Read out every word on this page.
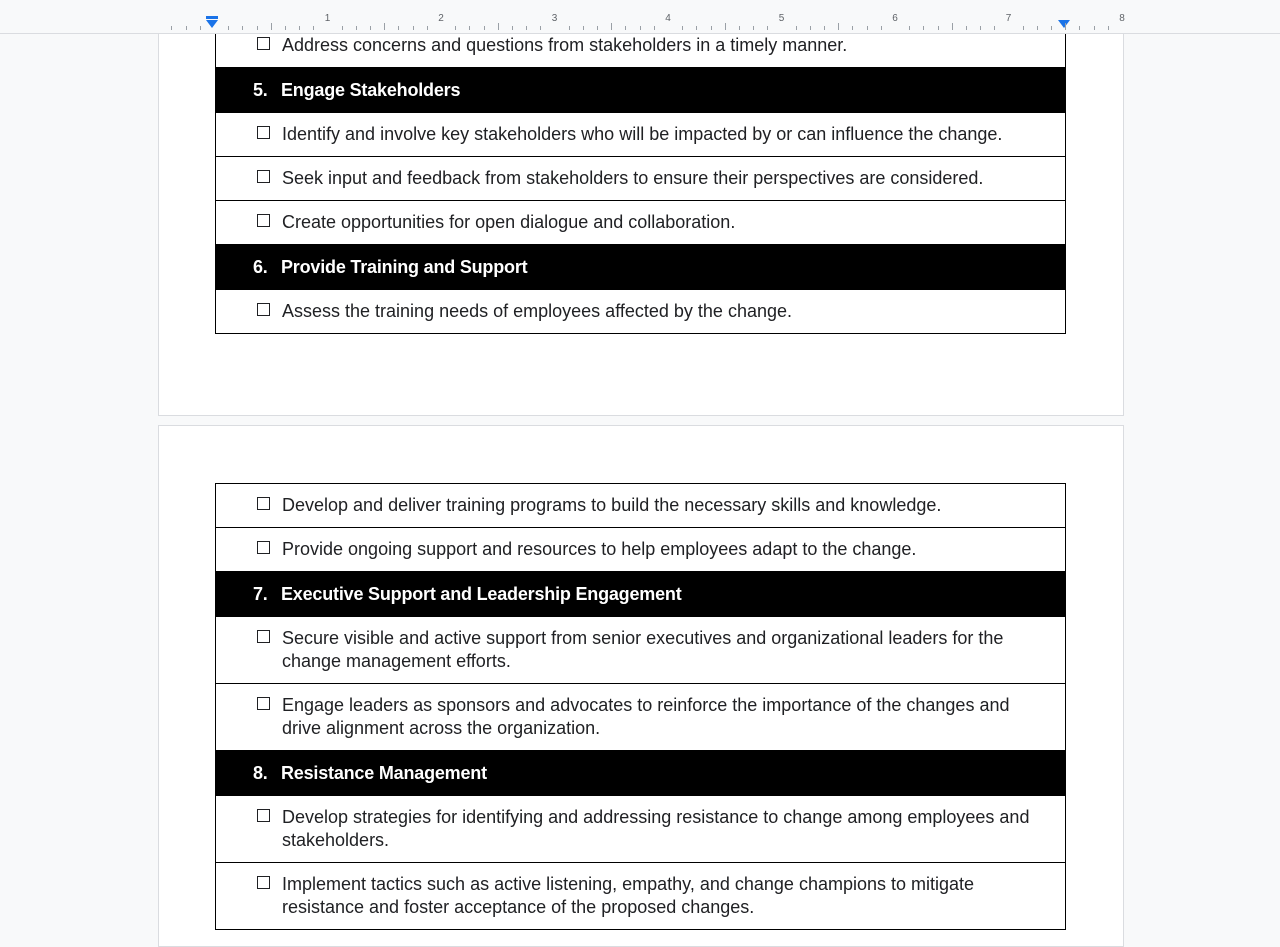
1	2	3	4	5	6	7	8
Address concerns and questions from stakeholders in a timely manner.

5. Engage Stakeholders

Identify and involve key stakeholders who will be impacted by or can influence the change.

Seek input and feedback from stakeholders to ensure their perspectives are considered.

Create opportunities for open dialogue and collaboration.

6. Provide Training and Support

Assess the training needs of employees affected by the change.
Develop and deliver training programs to build the necessary skills and knowledge.

Provide ongoing support and resources to help employees adapt to the change.

7. Executive Support and Leadership Engagement

Secure visible and active support from senior executives and organizational leaders for the change management efforts.

Engage leaders as sponsors and advocates to reinforce the importance of the changes and drive alignment across the organization.

8. Resistance Management

Develop strategies for identifying and addressing resistance to change among employees and stakeholders.

Implement tactics such as active listening, empathy, and change champions to mitigate resistance and foster acceptance of the proposed changes.
